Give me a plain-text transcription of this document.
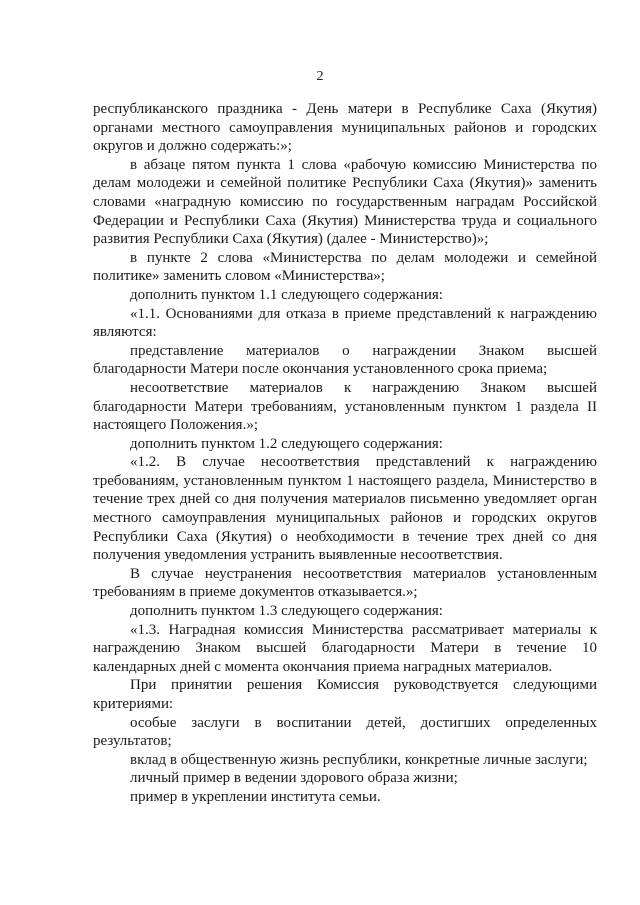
2

республиканского праздника - День матери в Республике Саха (Якутия) органами местного самоуправления муниципальных районов и городских округов и должно содержать:»;

в абзаце пятом пункта 1 слова «рабочую комиссию Министерства по делам молодежи и семейной политике Республики Саха (Якутия)» заменить словами «наградную комиссию по государственным наградам Российской Федерации и Республики Саха (Якутия) Министерства труда и социального развития Республики Саха (Якутия) (далее - Министерство)»;

в пункте 2 слова «Министерства по делам молодежи и семейной политике» заменить словом «Министерства»;

дополнить пунктом 1.1 следующего содержания:

«1.1. Основаниями для отказа в приеме представлений к награждению являются:

представление материалов о награждении Знаком высшей благодарности Матери после окончания установленного срока приема;

несоответствие материалов к награждению Знаком высшей благодарности Матери требованиям, установленным пунктом 1 раздела II настоящего Положения.»;

дополнить пунктом 1.2 следующего содержания:

«1.2. В случае несоответствия представлений к награждению требованиям, установленным пунктом 1 настоящего раздела, Министерство в течение трех дней со дня получения материалов письменно уведомляет орган местного самоуправления муниципальных районов и городских округов Республики Саха (Якутия) о необходимости в течение трех дней со дня получения уведомления устранить выявленные несоответствия.

В случае неустранения несоответствия материалов установленным требованиям в приеме документов отказывается.»;

дополнить пунктом 1.3 следующего содержания:

«1.3. Наградная комиссия Министерства рассматривает материалы к награждению Знаком высшей благодарности Матери в течение 10 календарных дней с момента окончания приема наградных материалов.

При принятии решения Комиссия руководствуется следующими критериями:

особые заслуги в воспитании детей, достигших определенных результатов;

вклад в общественную жизнь республики, конкретные личные заслуги;

личный пример в ведении здорового образа жизни;

пример в укреплении института семьи.
